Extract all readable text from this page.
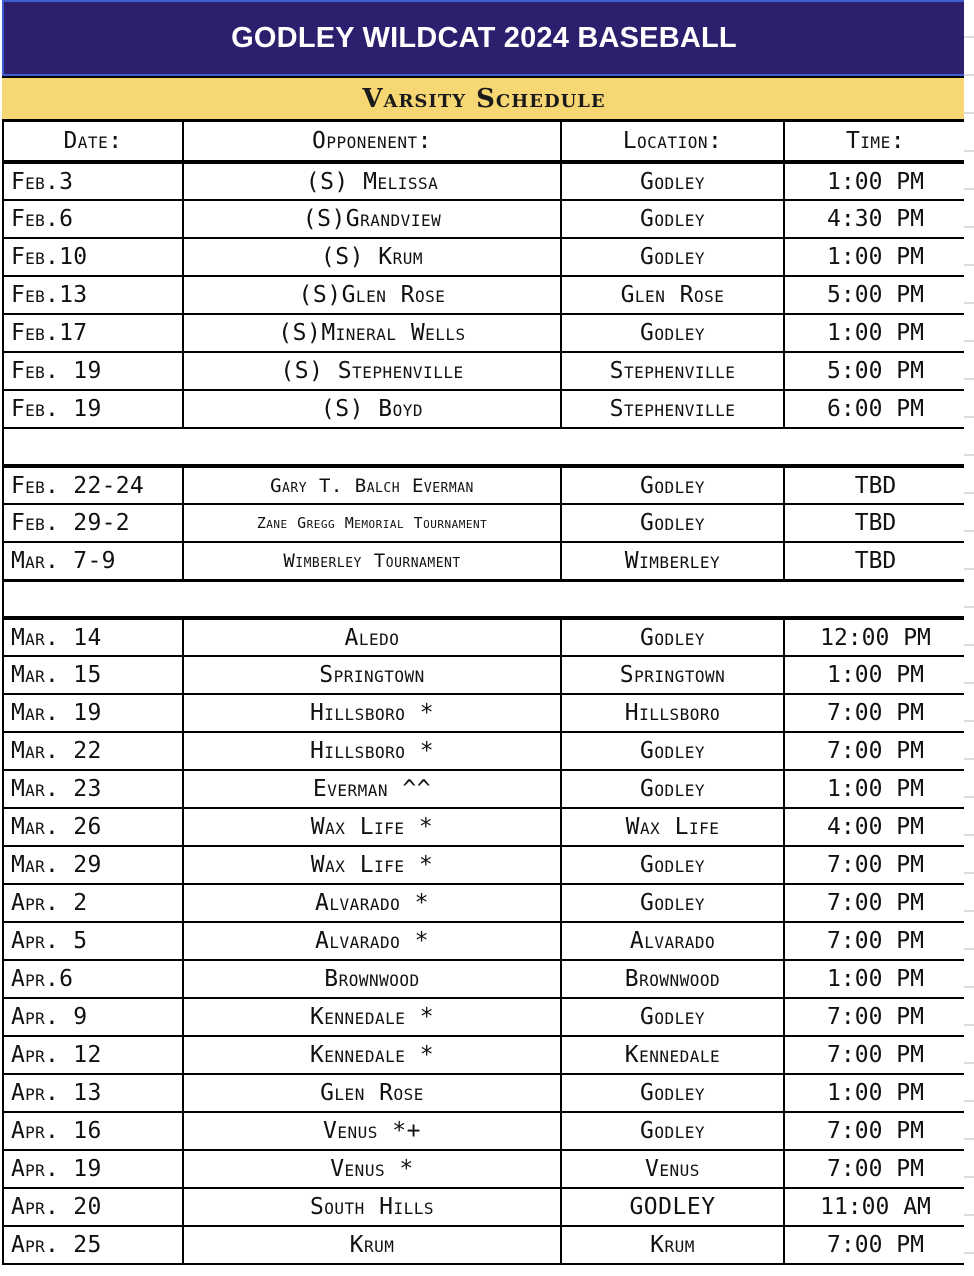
GODLEY WILDCAT 2024 BASEBALL
Varsity Schedule
Date:	Opponenent:	Location:	Time:
Feb.3	(S) Melissa	Godley	1:00 PM
Feb.6	(S)Grandview	Godley	4:30 PM
Feb.10	(S) Krum	Godley	1:00 PM
Feb.13	(S)Glen Rose	Glen Rose	5:00 PM
Feb.17	(S)Mineral Wells	Godley	1:00 PM
Feb. 19	(S) Stephenville	Stephenville	5:00 PM
Feb. 19	(S) Boyd	Stephenville	6:00 PM

Feb. 22-24	Gary T. Balch Everman	Godley	TBD
Feb. 29-2	Zane Gregg Memorial Tournament	Godley	TBD
Mar. 7-9	Wimberley Tournament	Wimberley	TBD

Mar. 14	Aledo	Godley	12:00 PM
Mar. 15	Springtown	Springtown	1:00 PM
Mar. 19	Hillsboro *	Hillsboro	7:00 PM
Mar. 22	Hillsboro *	Godley	7:00 PM
Mar. 23	Everman ^^	Godley	1:00 PM
Mar. 26	Wax Life *	Wax Life	4:00 PM
Mar. 29	Wax Life *	Godley	7:00 PM
Apr. 2	Alvarado *	Godley	7:00 PM
Apr. 5	Alvarado *	Alvarado	7:00 PM
Apr.6	Brownwood	Brownwood	1:00 PM
Apr. 9	Kennedale *	Godley	7:00 PM
Apr. 12	Kennedale *	Kennedale	7:00 PM
Apr. 13	Glen Rose	Godley	1:00 PM
Apr. 16	Venus *+	Godley	7:00 PM
Apr. 19	Venus *	Venus	7:00 PM
Apr. 20	South Hills	GODLEY	11:00 AM
Apr. 25	Krum	Krum	7:00 PM
